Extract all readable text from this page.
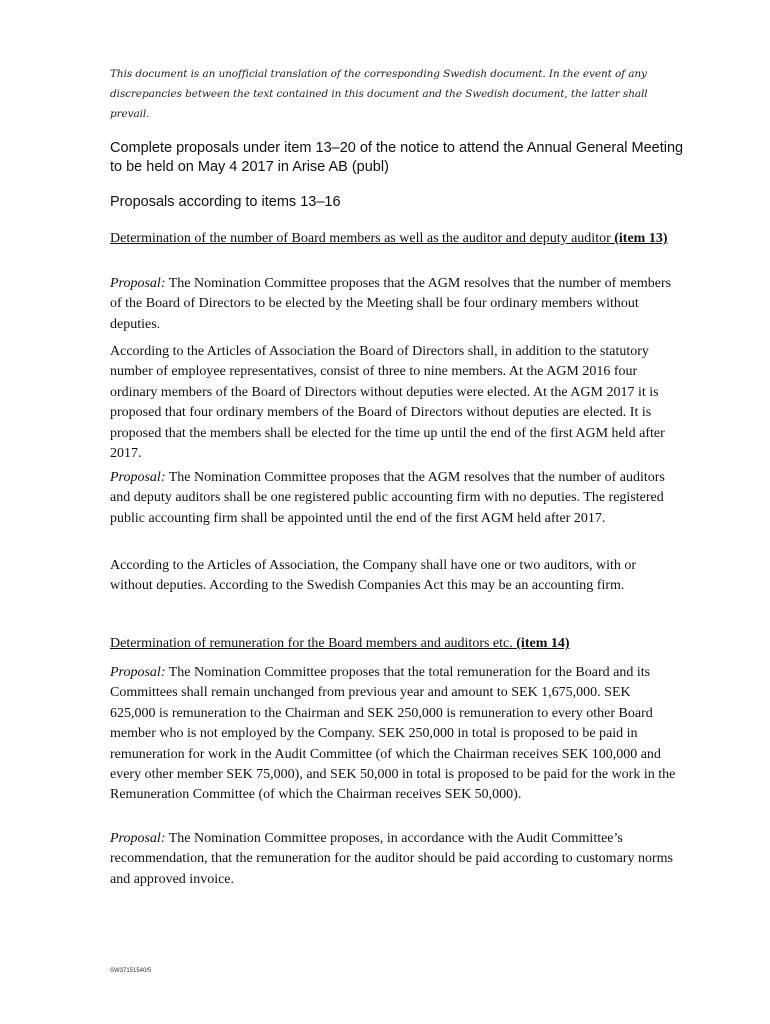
This document is an unofficial translation of the corresponding Swedish document. In the event of any discrepancies between the text contained in this document and the Swedish document, the latter shall prevail.
Complete proposals under item 13–20 of the notice to attend the Annual General Meeting to be held on May 4 2017 in Arise AB (publ)
Proposals according to items 13–16
Determination of the number of Board members as well as the auditor and deputy auditor (item 13)
Proposal: The Nomination Committee proposes that the AGM resolves that the number of members of the Board of Directors to be elected by the Meeting shall be four ordinary members without deputies.
According to the Articles of Association the Board of Directors shall, in addition to the statutory number of employee representatives, consist of three to nine members. At the AGM 2016 four ordinary members of the Board of Directors without deputies were elected. At the AGM 2017 it is proposed that four ordinary members of the Board of Directors without deputies are elected. It is proposed that the members shall be elected for the time up until the end of the first AGM held after 2017.
Proposal: The Nomination Committee proposes that the AGM resolves that the number of auditors and deputy auditors shall be one registered public accounting firm with no deputies. The registered public accounting firm shall be appointed until the end of the first AGM held after 2017.
According to the Articles of Association, the Company shall have one or two auditors, with or without deputies. According to the Swedish Companies Act this may be an accounting firm.
Determination of remuneration for the Board members and auditors etc. (item 14)
Proposal: The Nomination Committee proposes that the total remuneration for the Board and its Committees shall remain unchanged from previous year and amount to SEK 1,675,000. SEK 625,000 is remuneration to the Chairman and SEK 250,000 is remuneration to every other Board member who is not employed by the Company. SEK 250,000 in total is proposed to be paid in remuneration for work in the Audit Committee (of which the Chairman receives SEK 100,000 and every other member SEK 75,000), and SEK 50,000 in total is proposed to be paid for the work in the Remuneration Committee (of which the Chairman receives SEK 50,000).
Proposal: The Nomination Committee proposes, in accordance with the Audit Committee’s recommendation, that the remuneration for the auditor should be paid according to customary norms and approved invoice.
SW37151540/5
